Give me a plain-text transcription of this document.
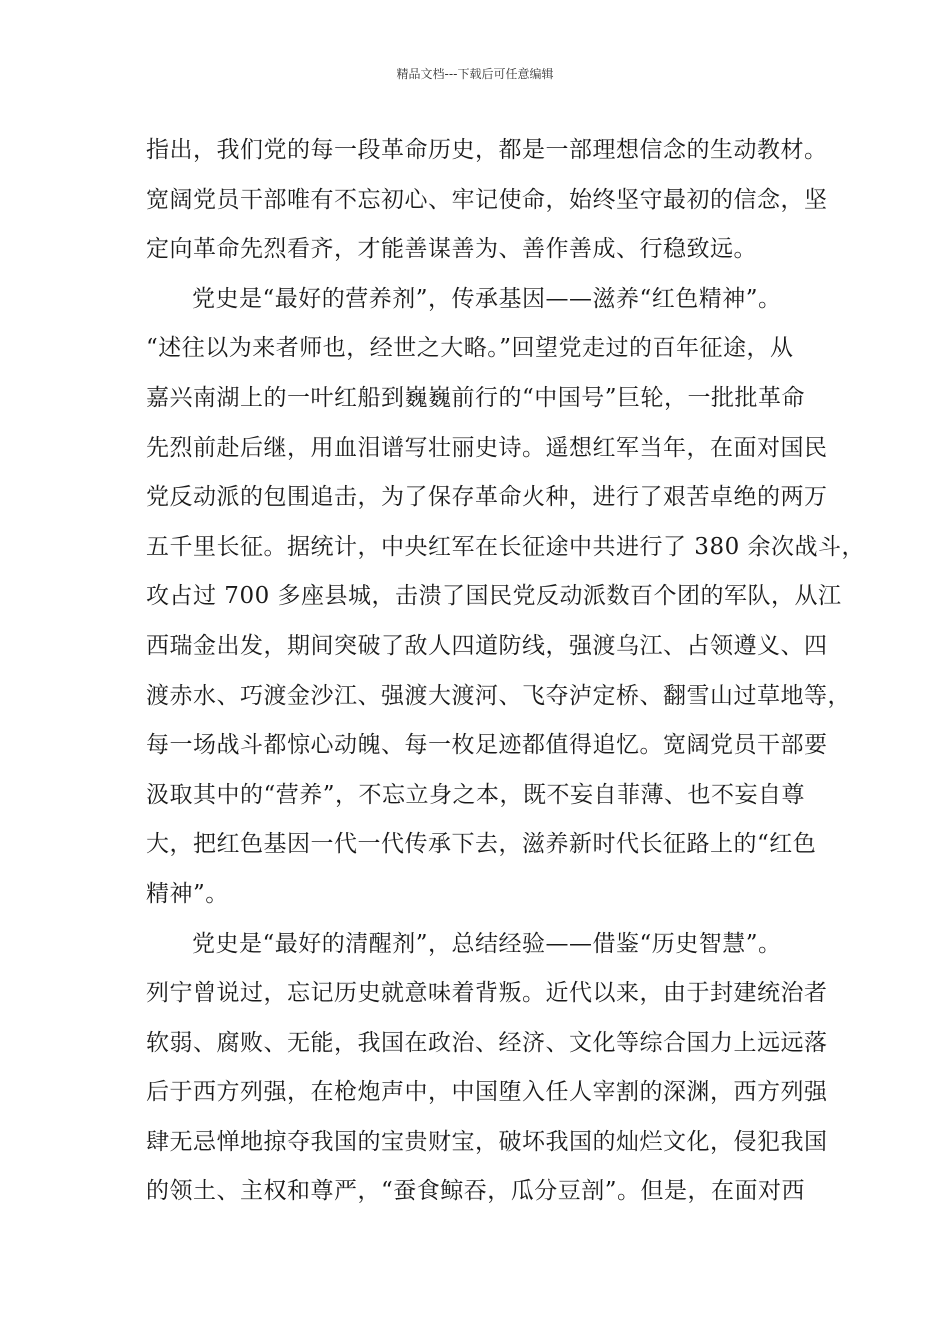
精品文档---下载后可任意编辑
指出，我们党的每一段革命历史，都是一部理想信念的生动教材。
宽阔党员干部唯有不忘初心、牢记使命，始终坚守最初的信念，坚
定向革命先烈看齐，才能善谋善为、善作善成、行稳致远。
党史是“最好的营养剂”，传承基因——滋养“红色精神”。
“述往以为来者师也，经世之大略。”回望党走过的百年征途，从
嘉兴南湖上的一叶红船到巍巍前行的“中国号”巨轮，一批批革命
先烈前赴后继，用血泪谱写壮丽史诗。遥想红军当年，在面对国民
党反动派的包围追击，为了保存革命火种，进行了艰苦卓绝的两万
五千里长征。据统计，中央红军在长征途中共进行了 380 余次战斗，
攻占过 700 多座县城，击溃了国民党反动派数百个团的军队，从江
西瑞金出发，期间突破了敌人四道防线，强渡乌江、占领遵义、四
渡赤水、巧渡金沙江、强渡大渡河、飞夺泸定桥、翻雪山过草地等，
每一场战斗都惊心动魄、每一枚足迹都值得追忆。宽阔党员干部要
汲取其中的“营养”，不忘立身之本，既不妄自菲薄、也不妄自尊
大，把红色基因一代一代传承下去，滋养新时代长征路上的“红色
精神”。
党史是“最好的清醒剂”，总结经验——借鉴“历史智慧”。
列宁曾说过，忘记历史就意味着背叛。近代以来，由于封建统治者
软弱、腐败、无能，我国在政治、经济、文化等综合国力上远远落
后于西方列强，在枪炮声中，中国堕入任人宰割的深渊，西方列强
肆无忌惮地掠夺我国的宝贵财宝，破坏我国的灿烂文化，侵犯我国
的领土、主权和尊严，“蚕食鲸吞，瓜分豆剖”。但是，在面对西
